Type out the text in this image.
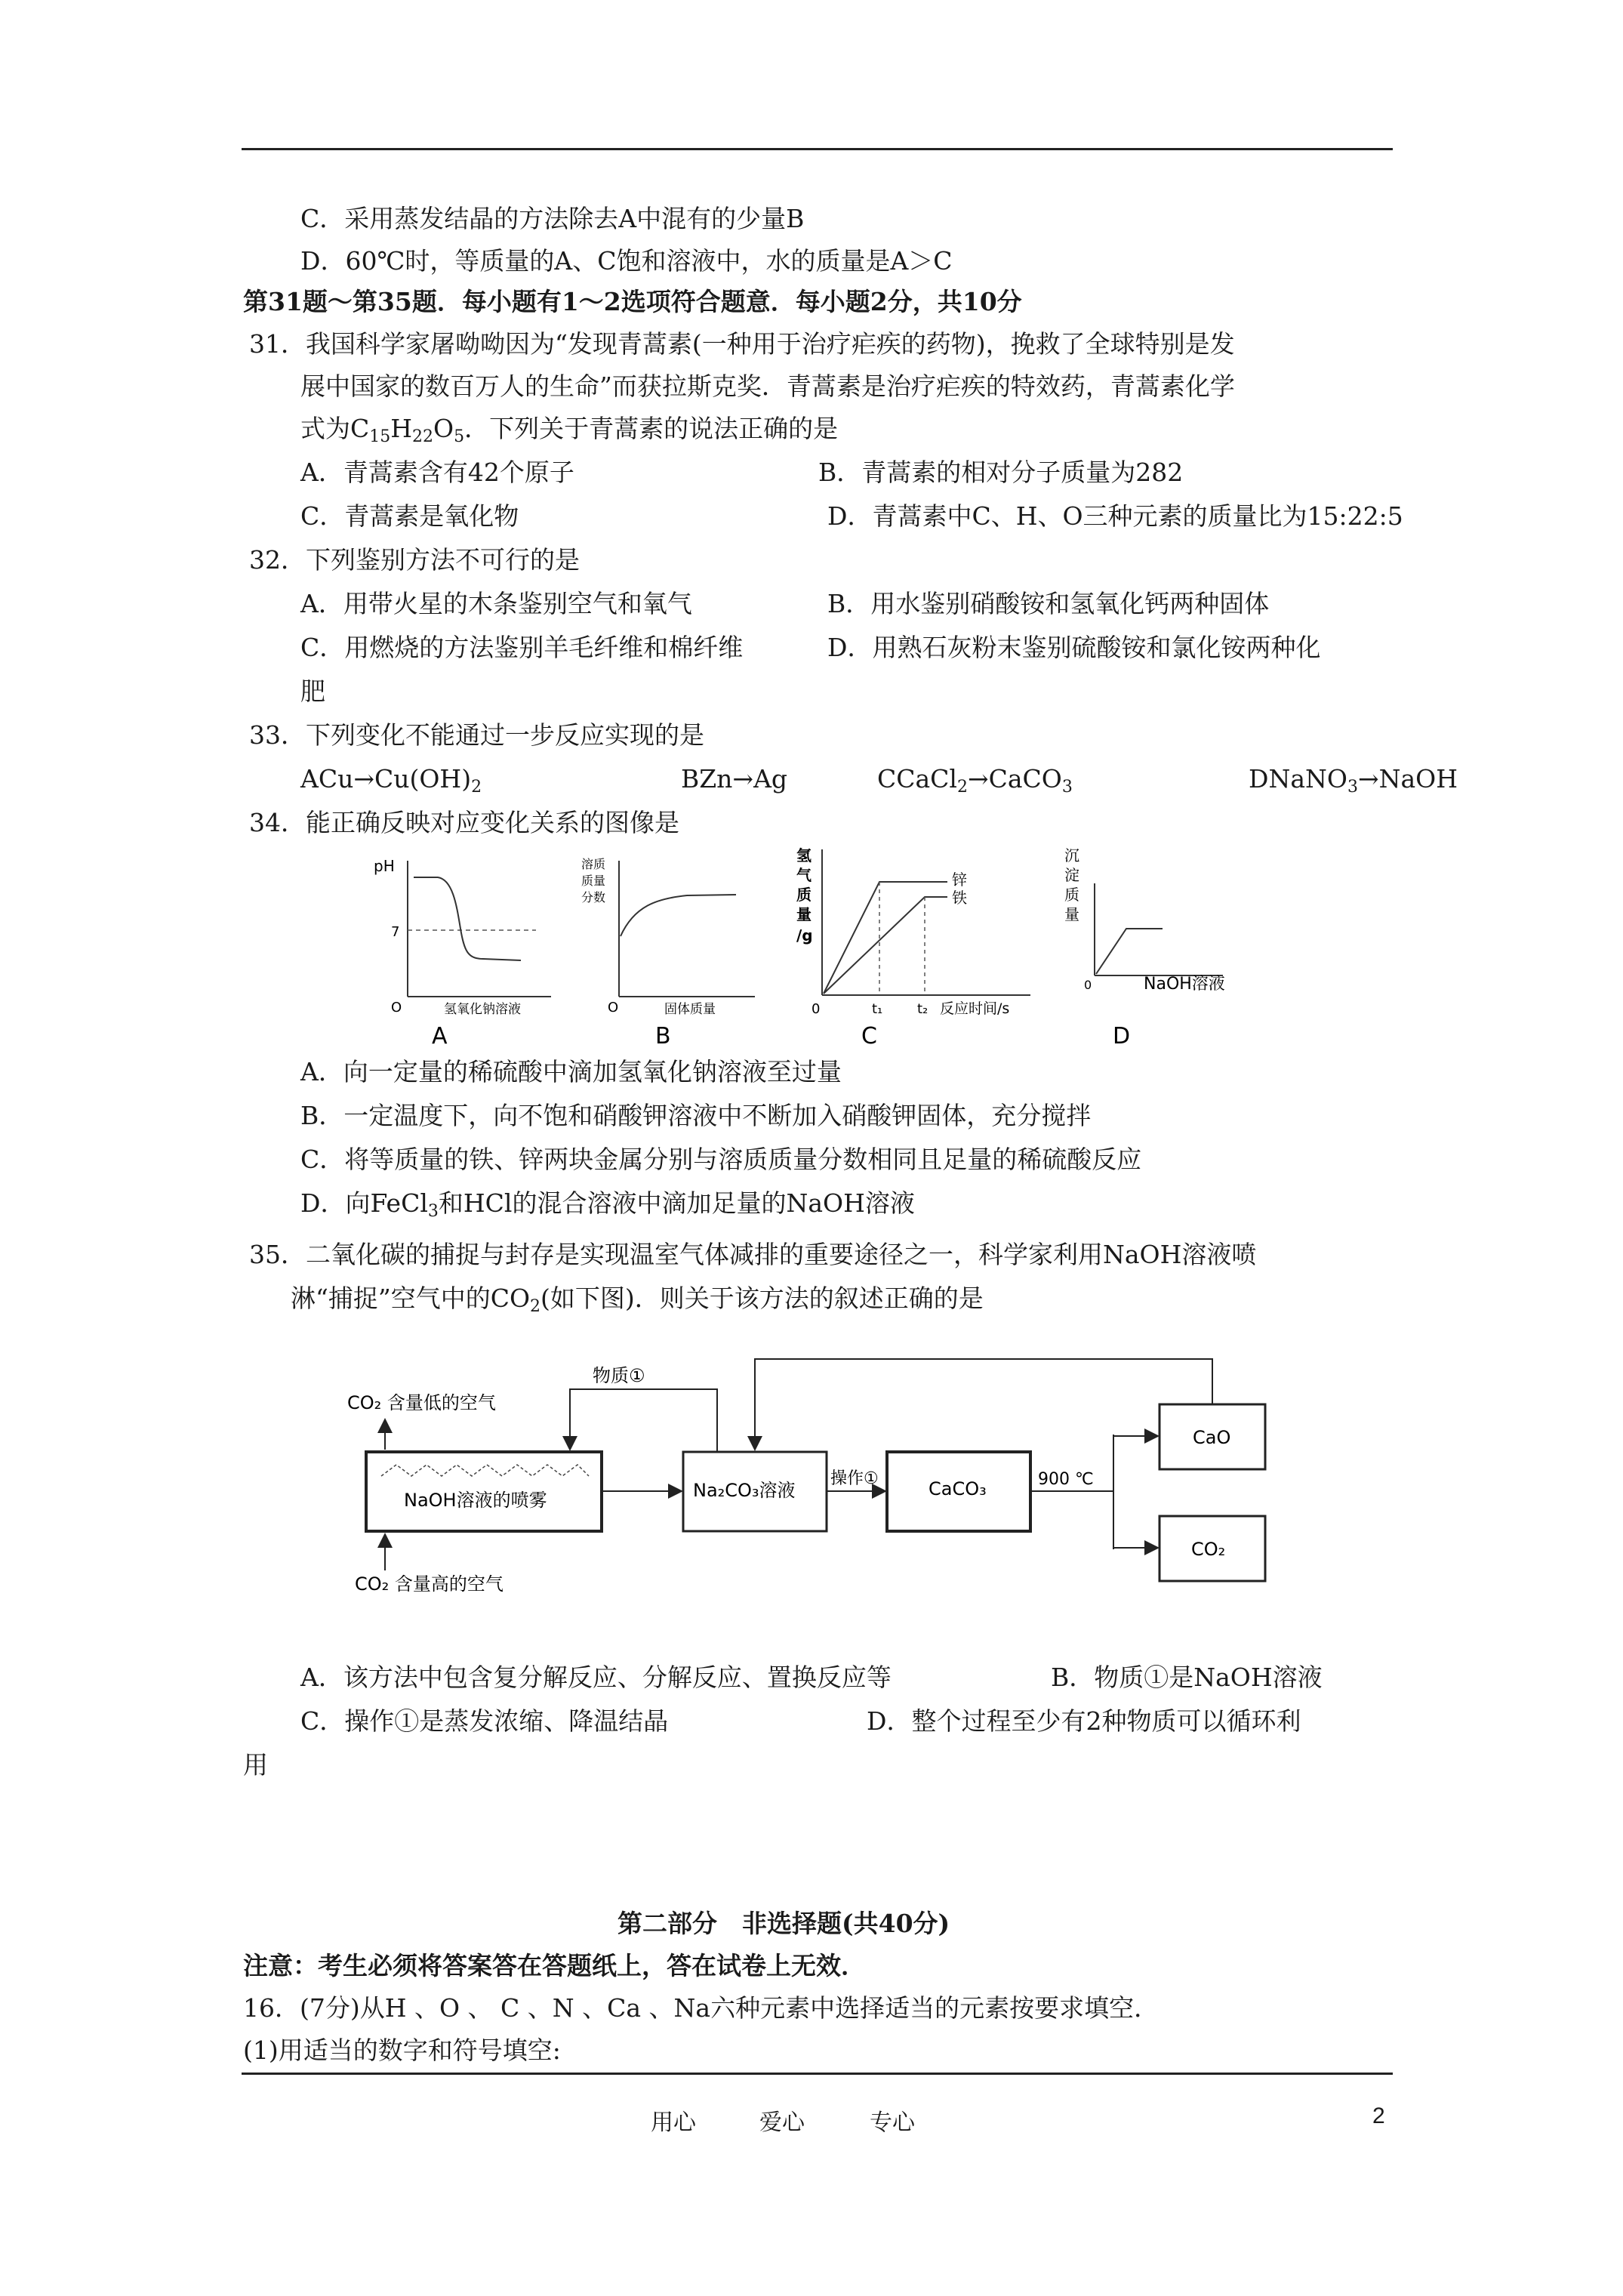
C．采用蒸发结晶的方法除去A中混有的少量B
D．60℃时，等质量的A、C饱和溶液中，水的质量是A＞C
第31题～第35题．每小题有1～2选项符合题意．每小题2分，共10分
31．我国科学家屠呦呦因为“发现青蒿素(一种用于治疗疟疾的药物)，挽救了全球特别是发
展中国家的数百万人的生命”而获拉斯克奖．青蒿素是治疗疟疾的特效药，青蒿素化学
式为$C_{15}H_{22}O_5$．下列关于青蒿素的说法正确的是
A．青蒿素含有42个原子	B．青蒿素的相对分子质量为282
C．青蒿素是氧化物	D．青蒿素中C、H、O三种元素的质量比为15:22:5
32．下列鉴别方法不可行的是
A．用带火星的木条鉴别空气和氧气	B．用水鉴别硝酸铵和氢氧化钙两种固体
C．用燃烧的方法鉴别羊毛纤维和棉纤维	D．用熟石灰粉末鉴别硫酸铵和氯化铵两种化
肥
33．下列变化不能通过一步反应实现的是
$ACu\to Cu(OH)_2$	BZn→Ag	CCaCl$_2$→CaCO$_3$	DNaNO$_3$→NaOH
34．能正确反映对应变化关系的图像是
pH
7
O	氢氧化钠溶液
A
溶质
质量
分数
O	固体质量
B
氢
气
质
量
/g
锌
铁
0	t₁	t₂ 反应时间/s
C
沉
淀
质
量
0	NaOH溶液
D
A．向一定量的稀硫酸中滴加氢氧化钠溶液至过量
B．一定温度下，向不饱和硝酸钾溶液中不断加入硝酸钾固体，充分搅拌
C．将等质量的铁、锌两块金属分别与溶质质量分数相同且足量的稀硫酸反应
D．向FeCl$_3$和HCl的混合溶液中滴加足量的NaOH溶液
35．二氧化碳的捕捉与封存是实现温室气体减排的重要途径之一，科学家利用NaOH溶液喷
淋“捕捉”空气中的$CO_2$(如下图)．则关于该方法的叙述正确的是
NaOH溶液的喷雾	Na₂CO₃溶液	CaCO₃
CaO
CO₂
CO₂ 含量低的空气
CO₂ 含量高的空气
物质①
操作①	900 ℃
A．该方法中包含复分解反应、分解反应、置换反应等	B．物质①是NaOH溶液
C．操作①是蒸发浓缩、降温结晶	D．整个过程至少有2种物质可以循环利
用
第二部分　非选择题(共40分)
注意：考生必须将答案答在答题纸上，答在试卷上无效．
16．(7分)从H 、O 、 C 、N 、Ca 、Na六种元素中选择适当的元素按要求填空．
(1)用适当的数字和符号填空:
用心	爱心	专心	2
